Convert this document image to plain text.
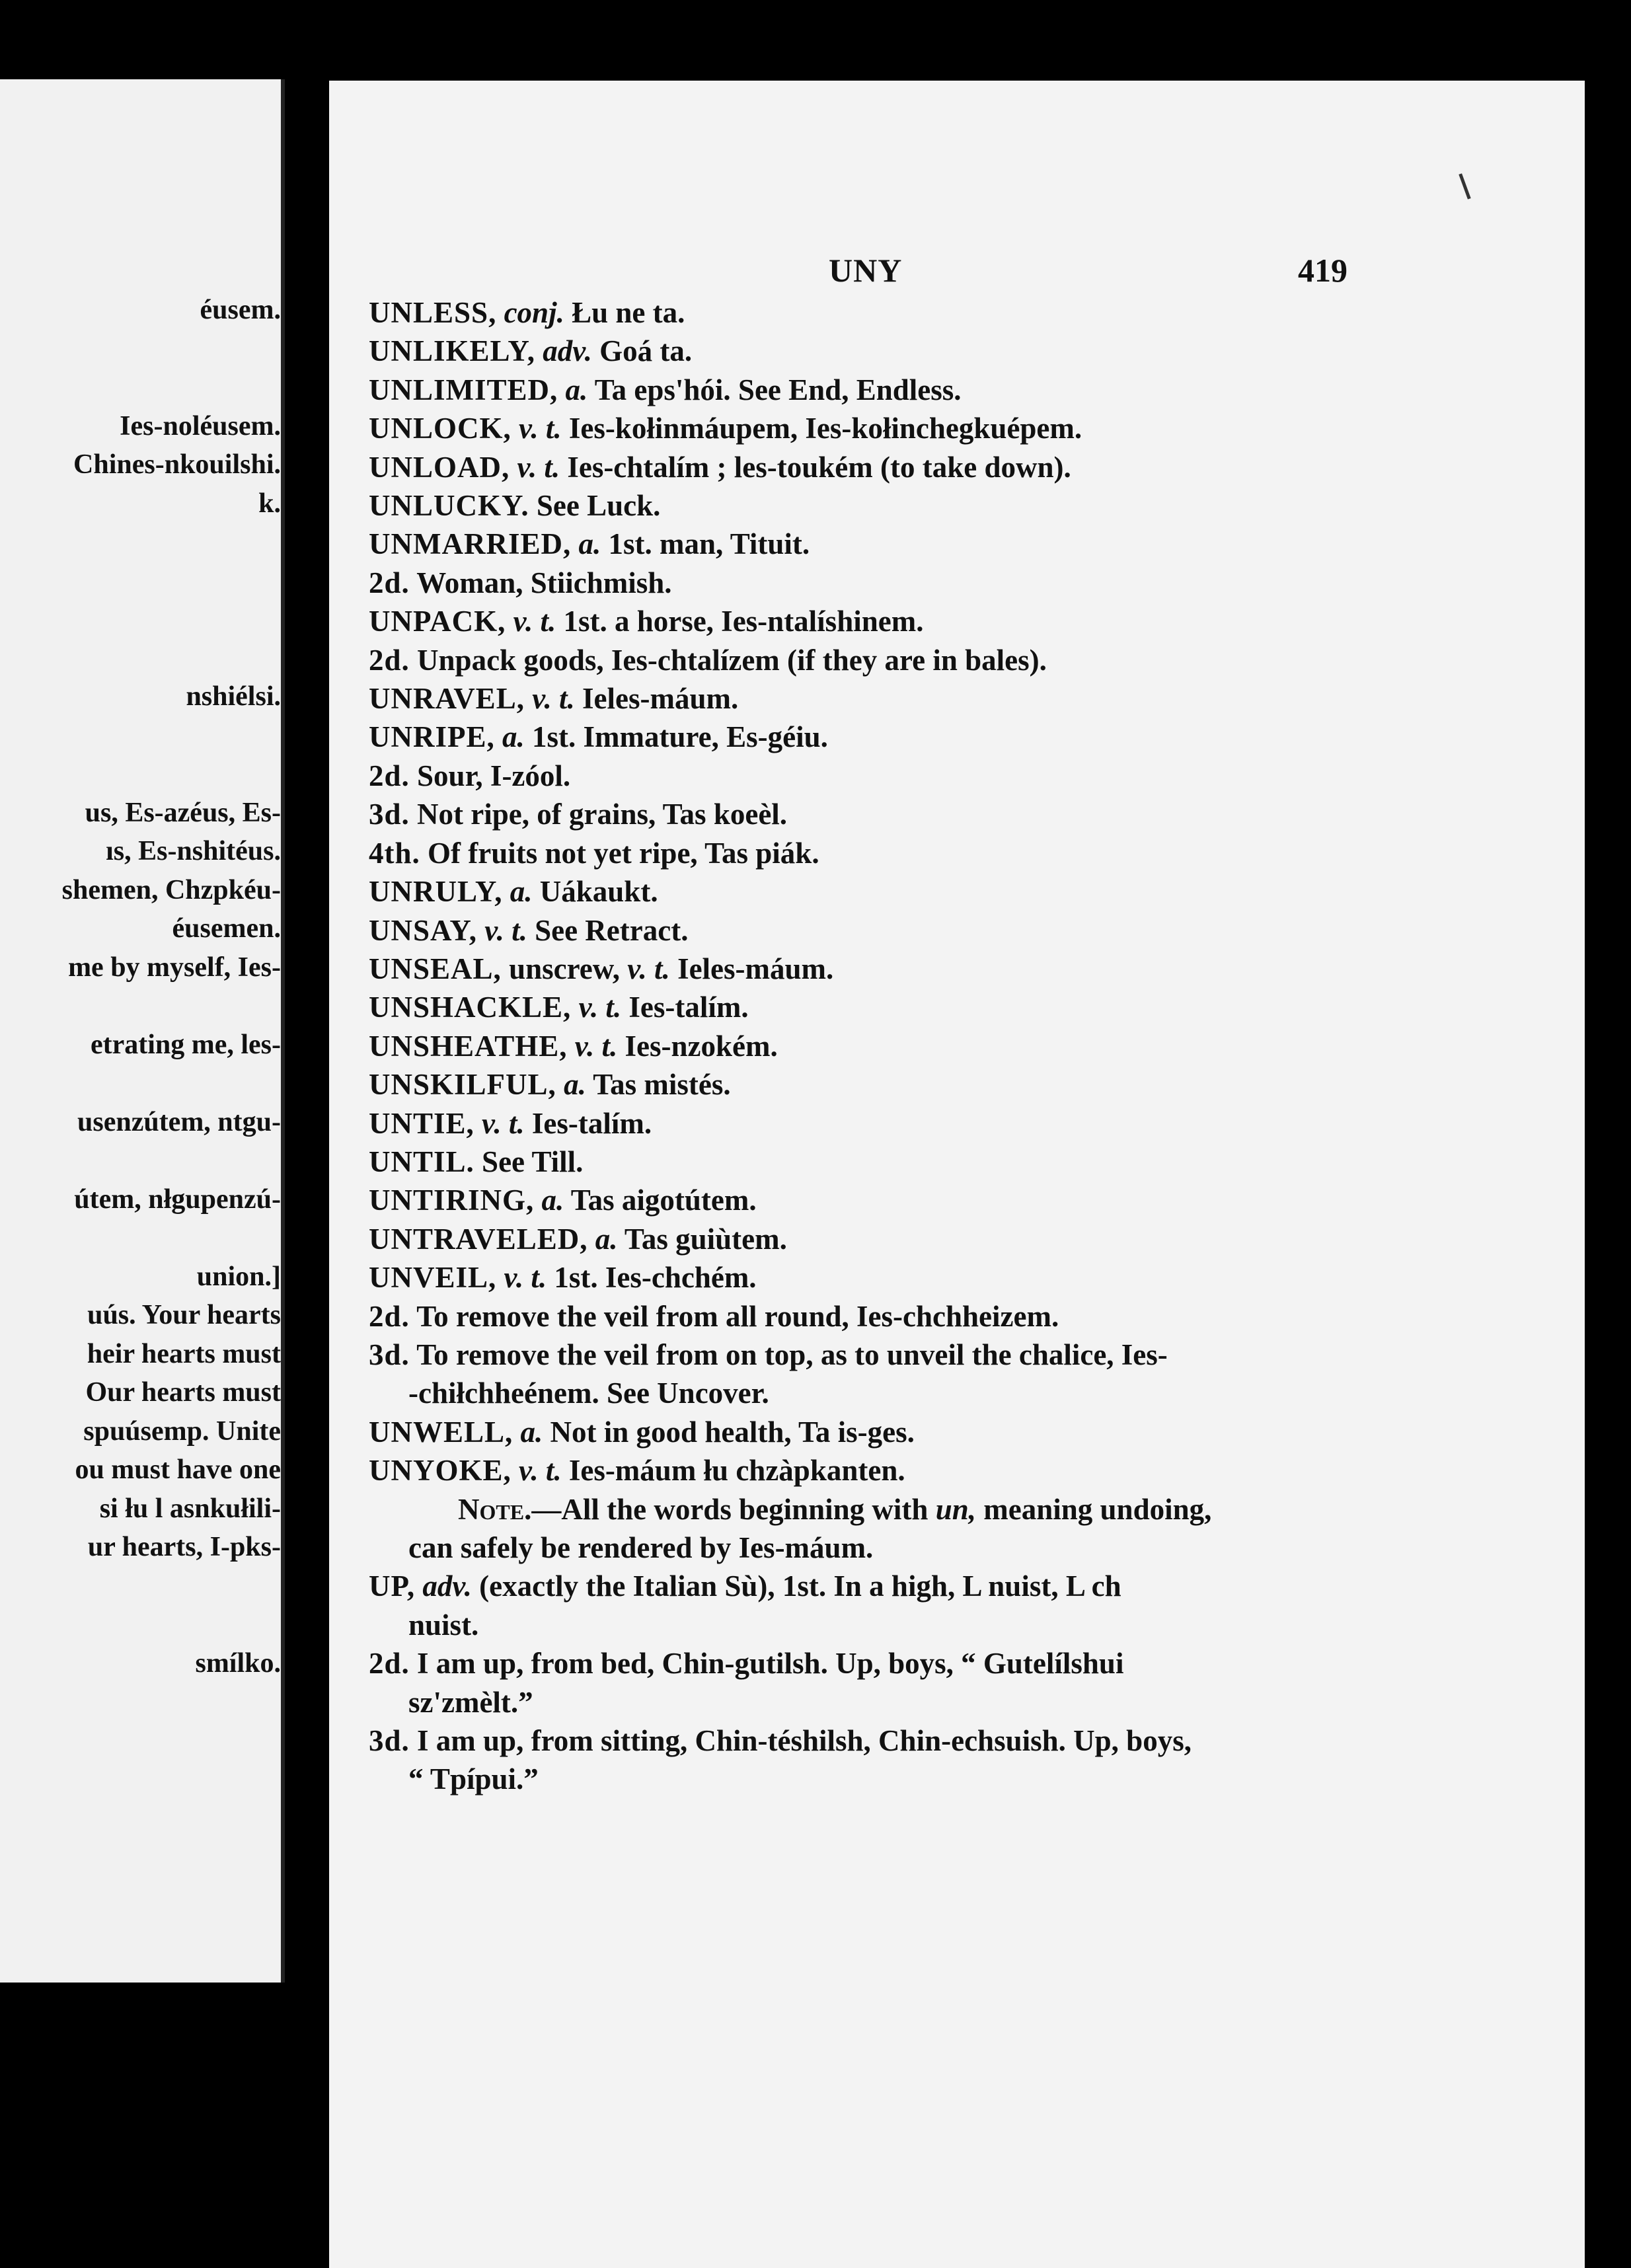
éusem.

Ies-noléusem.
Chines-nkouilshi.
k.

nshiélsi.

us, Es-azéus, Es-
ıs, Es-nshitéus.
shemen, Chzpkéu-
éusemen.
me by myself, Ies-

etrating me, les-

usenzútem, ntgu-

útem, nłgupenzú-

union.]
uús. Your hearts
heir hearts must
Our hearts must
spuúsemp. Unite
ou must have one
si łu l asnkułili-
ur hearts, I-pks-

smílko.
UNY	419
UNLESS, conj. Łu ne ta.
UNLIKELY, adv. Goá ta.
UNLIMITED, a. Ta eps'hói. See End, Endless.
UNLOCK, v. t. Ies-kołinmáupem, Ies-kołinchegkuépem.
UNLOAD, v. t. Ies-chtalím ; les-toukém (to take down).
UNLUCKY. See Luck.
UNMARRIED, a. 1st. man, Tituit.
2d. Woman, Stiichmish.
UNPACK, v. t. 1st. a horse, Ies-ntalíshinem.
2d. Unpack goods, Ies-chtalízem (if they are in bales).
UNRAVEL, v. t. Ieles-máum.
UNRIPE, a. 1st. Immature, Es-géiu.
2d. Sour, I-zóol.
3d. Not ripe, of grains, Tas koeèl.
4th. Of fruits not yet ripe, Tas piák.
UNRULY, a. Uákaukt.
UNSAY, v. t. See Retract.
UNSEAL, unscrew, v. t. Ieles-máum.
UNSHACKLE, v. t. Ies-talím.
UNSHEATHE, v. t. Ies-nzokém.
UNSKILFUL, a. Tas mistés.
UNTIE, v. t. Ies-talím.
UNTIL. See Till.
UNTIRING, a. Tas aigotútem.
UNTRAVELED, a. Tas guiùtem.
UNVEIL, v. t. 1st. Ies-chchém.
2d. To remove the veil from all round, Ies-chchheizem.
3d. To remove the veil from on top, as to unveil the chalice, Ies-
-chiłchheénem. See Uncover.
UNWELL, a. Not in good health, Ta is-ges.
UNYOKE, v. t. Ies-máum łu chzàpkanten.
Note.—All the words beginning with un, meaning undoing,
can safely be rendered by Ies-máum.
UP, adv. (exactly the Italian Sù), 1st. In a high, L nuist, L ch
nuist.
2d. I am up, from bed, Chin-gutilsh. Up, boys, “ Gutelílshui
sz'zmèlt.”
3d. I am up, from sitting, Chin-téshilsh, Chin-echsuish. Up, boys,
“ Tpípui.”
